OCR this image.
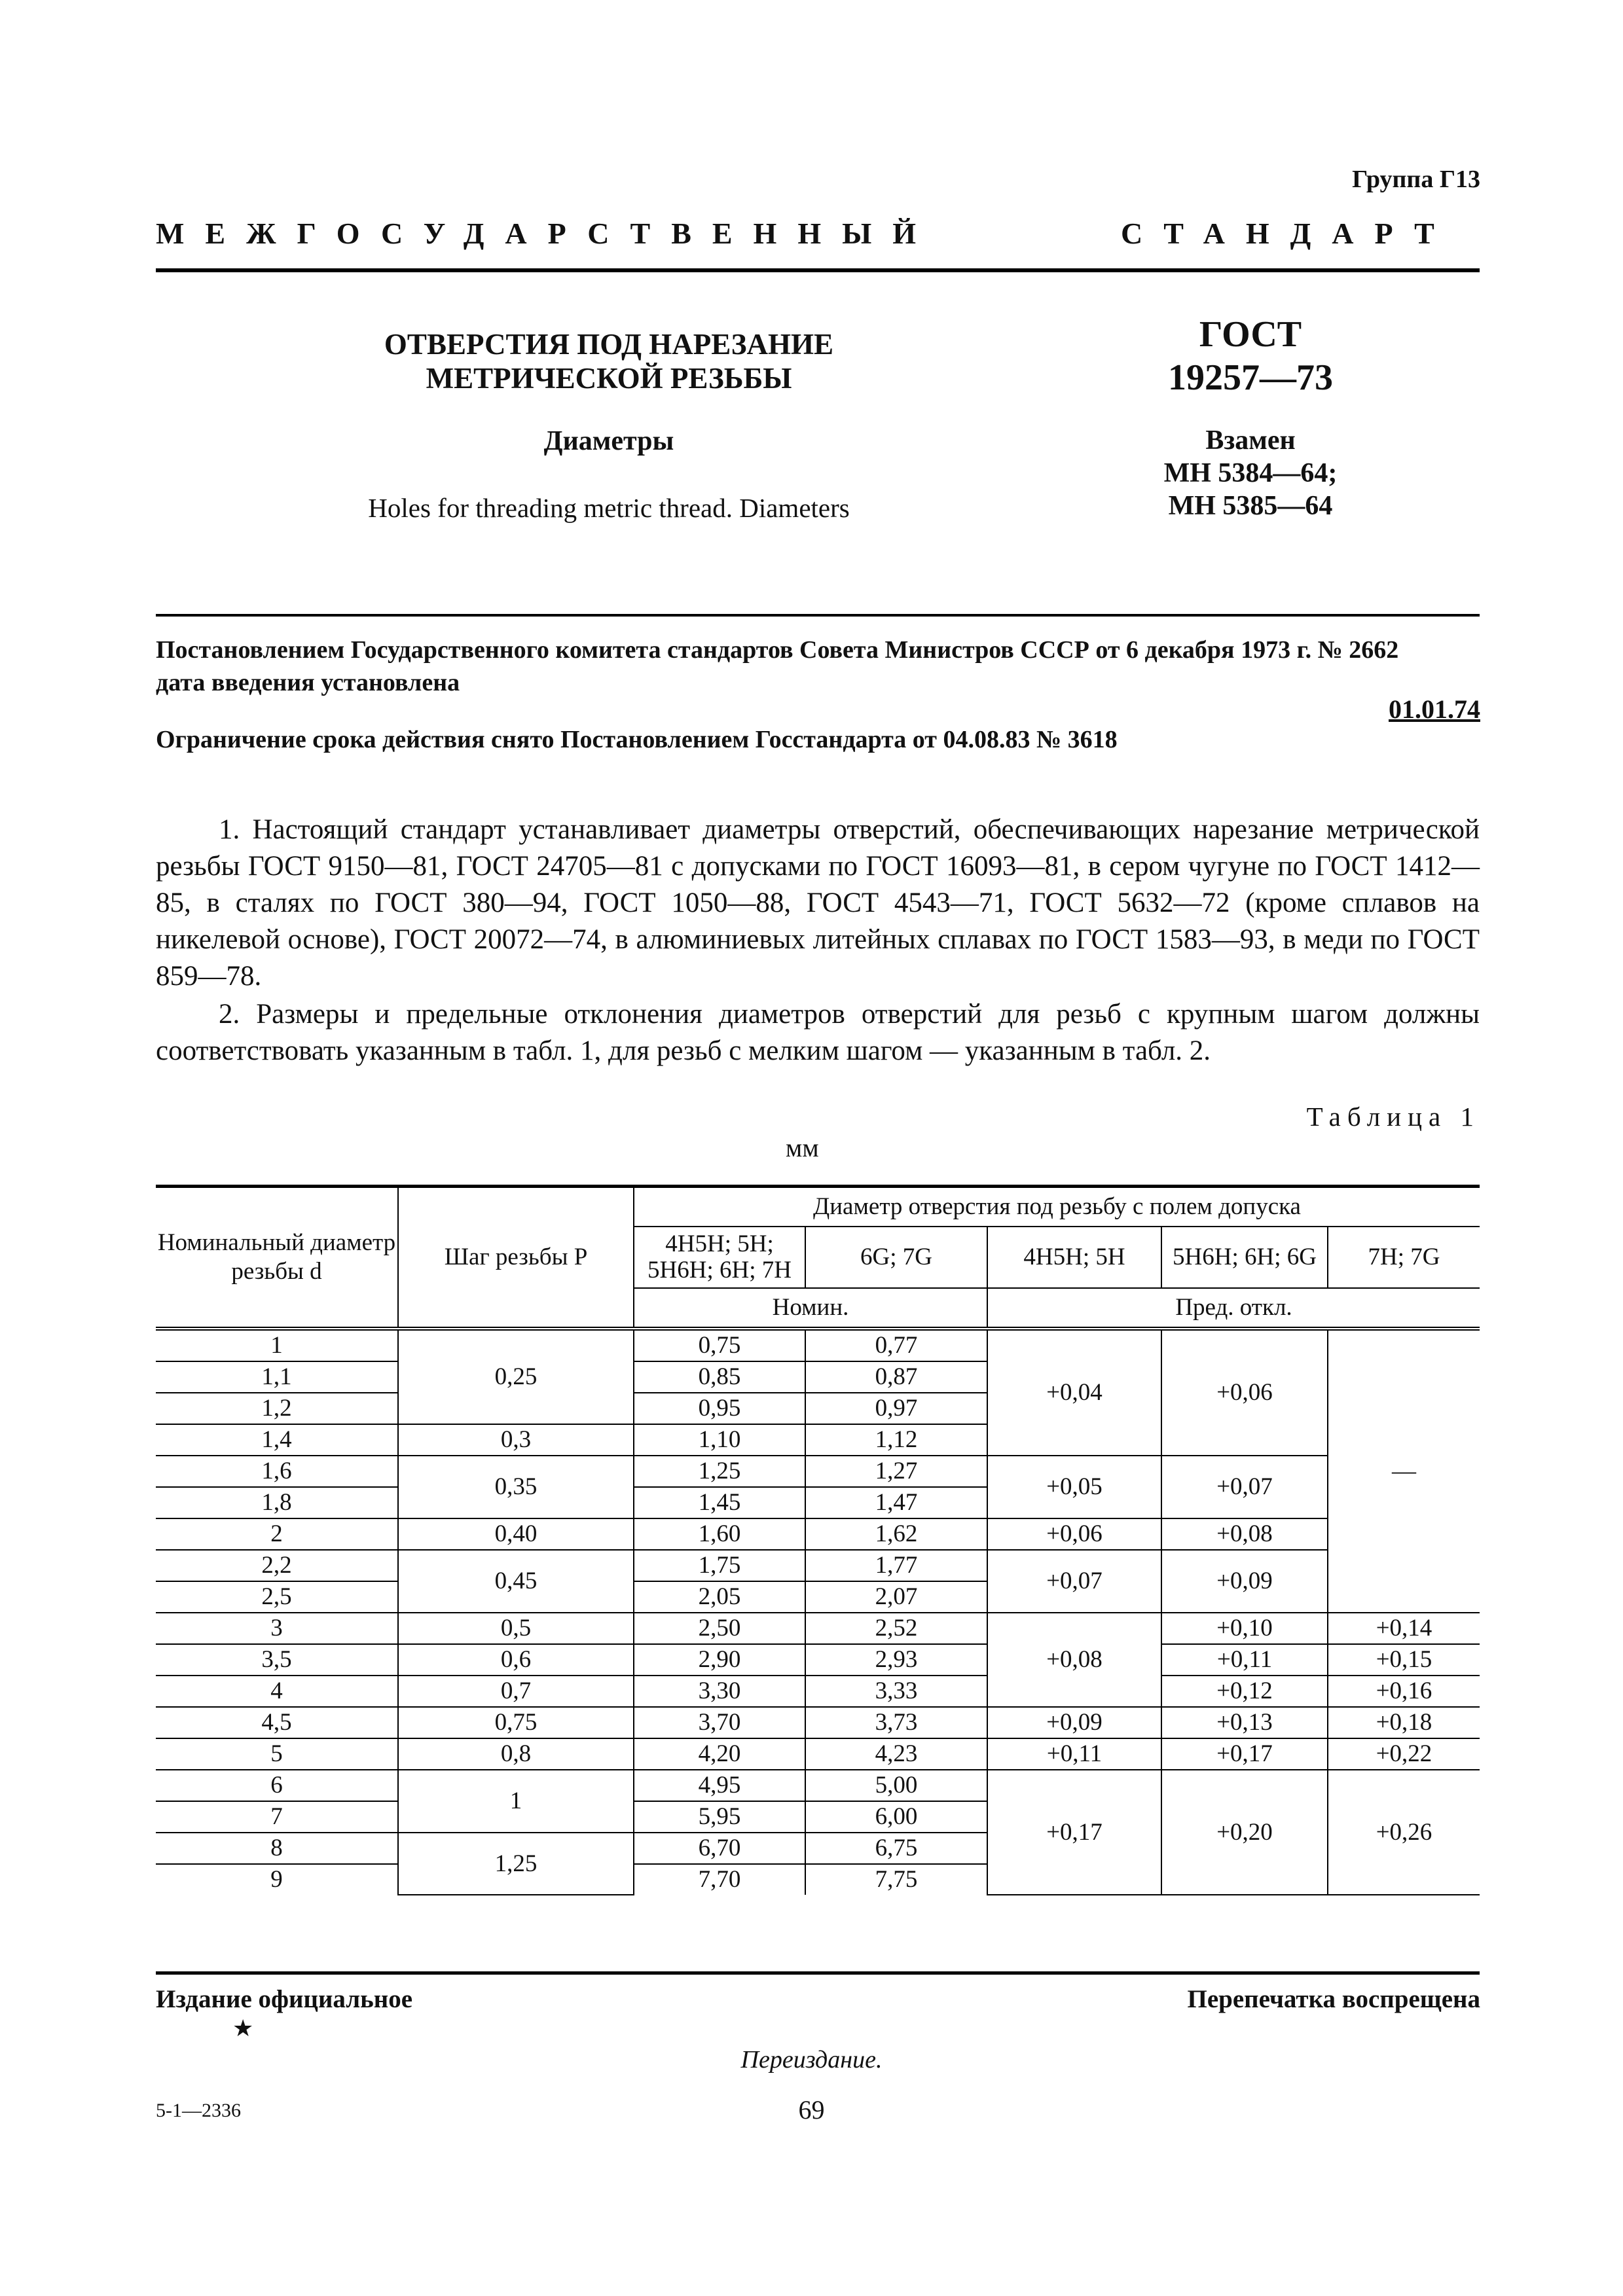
Группа Г13
МЕЖГОСУДАРСТВЕННЫЙ	СТАНДАРТ
ОТВЕРСТИЯ ПОД НАРЕЗАНИЕ
МЕТРИЧЕСКОЙ РЕЗЬБЫ
ГОСТ
19257—73
Диаметры	Взамен
МН 5384—64;
МН 5385—64
Holes for threading metric thread. Diameters
Постановлением Государственного комитета стандартов Совета Министров СССР от 6 декабря 1973 г. № 2662
дата введения установлена
01.01.74
Ограничение срока действия снято Постановлением Госстандарта от 04.08.83 № 3618
1. Настоящий стандарт устанавливает диаметры отверстий, обеспечивающих нарезание метрической резьбы ГОСТ 9150—81, ГОСТ 24705—81 с допусками по ГОСТ 16093—81, в сером чугуне по ГОСТ 1412—85, в сталях по ГОСТ 380—94, ГОСТ 1050—88, ГОСТ 4543—71, ГОСТ 5632—72 (кроме сплавов на никелевой основе), ГОСТ 20072—74, в алюминиевых литейных сплавах по ГОСТ 1583—93, в меди по ГОСТ 859—78.
2. Размеры и предельные отклонения диаметров отверстий для резьб с крупным шагом должны соответствовать указанным в табл. 1, для резьб с мелким шагом — указанным в табл. 2.
Таблица 1
мм
Номинальный диаметр резьбы d	Шаг резьбы P	Диаметр отверстия под резьбу с полем допуска				
		4H5H; 5H; 5H6H; 6H; 7H	6G; 7G	4H5H; 5H	5H6H; 6H; 6G	7H; 7G
		Номин.		Пред. откл.		
1	0,25	0,75	0,77	+0,04	+0,06	—
1,1		0,85	0,87			
1,2		0,95	0,97			
1,4	0,3	1,10	1,12			
1,6	0,35	1,25	1,27	+0,05	+0,07	
1,8		1,45	1,47			
2	0,40	1,60	1,62	+0,06	+0,08	
2,2	0,45	1,75	1,77	+0,07	+0,09	
2,5		2,05	2,07			
3	0,5	2,50	2,52	+0,08	+0,10	+0,14
3,5	0,6	2,90	2,93		+0,11	+0,15
4	0,7	3,30	3,33		+0,12	+0,16
4,5	0,75	3,70	3,73	+0,09	+0,13	+0,18
5	0,8	4,20	4,23	+0,11	+0,17	+0,22
6	1	4,95	5,00	+0,17	+0,20	+0,26
7		5,95	6,00			
8	1,25	6,70	6,75			
9		7,70	7,75			
Издание официальное
★
Перепечатка воспрещена
Переиздание.
5-1—2336	69
